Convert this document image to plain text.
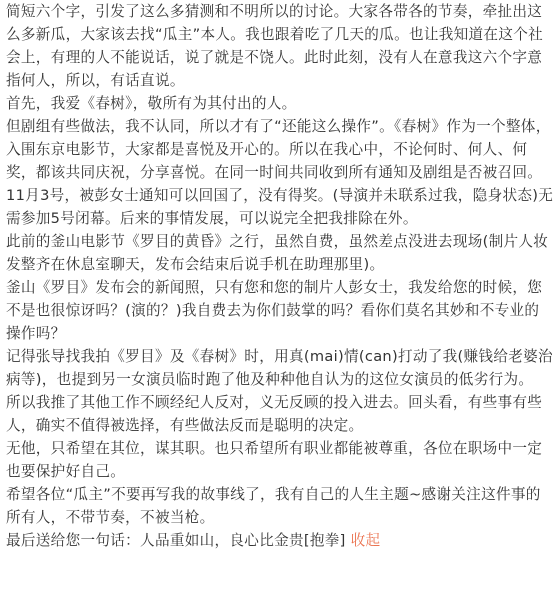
简短六个字，引发了这么多猜测和不明所以的讨论。大家各带各的节奏，牵扯出这么多新瓜，大家该去找“瓜主”本人。我也跟着吃了几天的瓜。也让我知道在这个社会上，有理的人不能说话，说了就是不饶人。此时此刻，没有人在意我这六个字意指何人，所以，有话直说。

首先，我爱《春树》，敬所有为其付出的人。

但剧组有些做法，我不认同，所以才有了“还能这么操作”。《春树》作为一个整体，入围东京电影节，大家都是喜悦及开心的。所以在我心中，不论何时、何人、何奖，都该共同庆祝，分享喜悦。在同一时间共同收到所有通知及剧组是否被召回。

11月3号，被彭女士通知可以回国了，没有得奖。(导演并未联系过我，隐身状态)无需参加5号闭幕。后来的事情发展，可以说完全把我排除在外。

此前的釜山电影节《罗目的黄昏》之行，虽然自费，虽然差点没进去现场(制片人妆发整齐在休息室聊天，发布会结束后说手机在助理那里)。

釜山《罗目》发布会的新闻照，只有您和您的制片人彭女士，我发给您的时候，您不是也很惊讶吗？(演的？)我自费去为你们鼓掌的吗？看你们莫名其妙和不专业的操作吗？

记得张导找我拍《罗目》及《春树》时，用真(mai)情(can)打动了我(赚钱给老婆治病等)，也提到另一女演员临时跑了他及种种他自认为的这位女演员的低劣行为。

所以我推了其他工作不顾经纪人反对，义无反顾的投入进去。回头看，有些事有些人，确实不值得被选择，有些做法反而是聪明的决定。

无他，只希望在其位，谋其职。也只希望所有职业都能被尊重，各位在职场中一定也要保护好自己。

希望各位“瓜主”不要再写我的故事线了，我有自己的人生主题~感谢关注这件事的所有人，不带节奏，不被当枪。

最后送给您一句话：人品重如山，良心比金贵[抱拳] 收起
